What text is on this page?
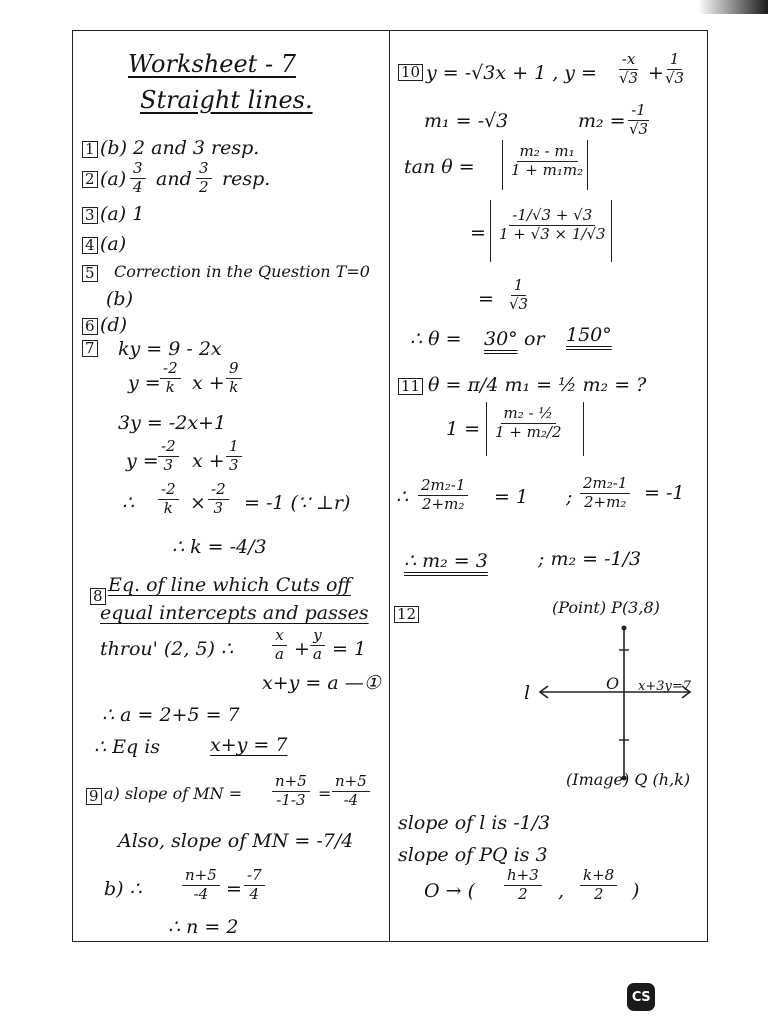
Worksheet - 7
Straight lines.
1 (b) 2 and 3 resp.
2 $(a) \frac{3}{4}$ and $\frac{3}{2}$ resp.
3 (a) 1
4 (a)
5 Correction in the Question T=0
(b)
6 (d)
7 ky = 9 - 2x
$y = \frac{-2}{k}$ $x + \frac{9}{k}$
3y = -2x+1
$y = \frac{-2}{3}$ $x + \frac{1}{3}$
∴ $\frac{-2}{k} \times \frac{-2}{3} = -1$ (∵ ⊥r)
∴ k = -4/3
8 Eq. of line which Cuts off
equal intercepts and passes
throu' (2, 5) ∴	$\frac{x}{a} + \frac{y}{a} = 1$
x+y = a —①
∴ a = 2+5 = 7
∴ Eq is	x+y = 7
9 a) slope of MN = $\frac{n+5}{-1-3} = \frac{n+5}{-4}$
Also, slope of MN = -7/4
b) ∴	$\frac{n+5}{-4} = \frac{-7}{4}$
∴ n = 2
10 y = -√3x + 1 , $y = \frac{-x}{√3}$ +
$\frac{1}{√3}$
m₁ = -√3	$m_2 = \frac{-1}{√3}$
$\tan \theta = \frac{\text{m₂ - m₁}}{\text{1 + m₁m₂}}$
= $\frac{-1/√3 + √3}{1 + √3 \times 1/√3}$
= $\frac{1}{√3}$
∴ θ = 30° or 150°
11 θ = π/4 m₁ = ½ m₂ = ?
$1 = \frac{\text{m₂ - ½}}{\text{1 + m₂/2}}$
∴ $\frac{\text{2m₂-1}}{\text{2+m₂}} = 1$ ; $\frac{\text{2m₂-1}}{\text{2+m₂}} = -1$
∴ m₂ = 3	; m₂ = -1/3
12	(Point) P(3,8)
l	O x+3y=7
(Image) Q (h,k)
slope of l is -1/3
slope of PQ is 3
O → ( $\frac{h+3}{2}$ , $\frac{k+8}{2}$ )
CS
